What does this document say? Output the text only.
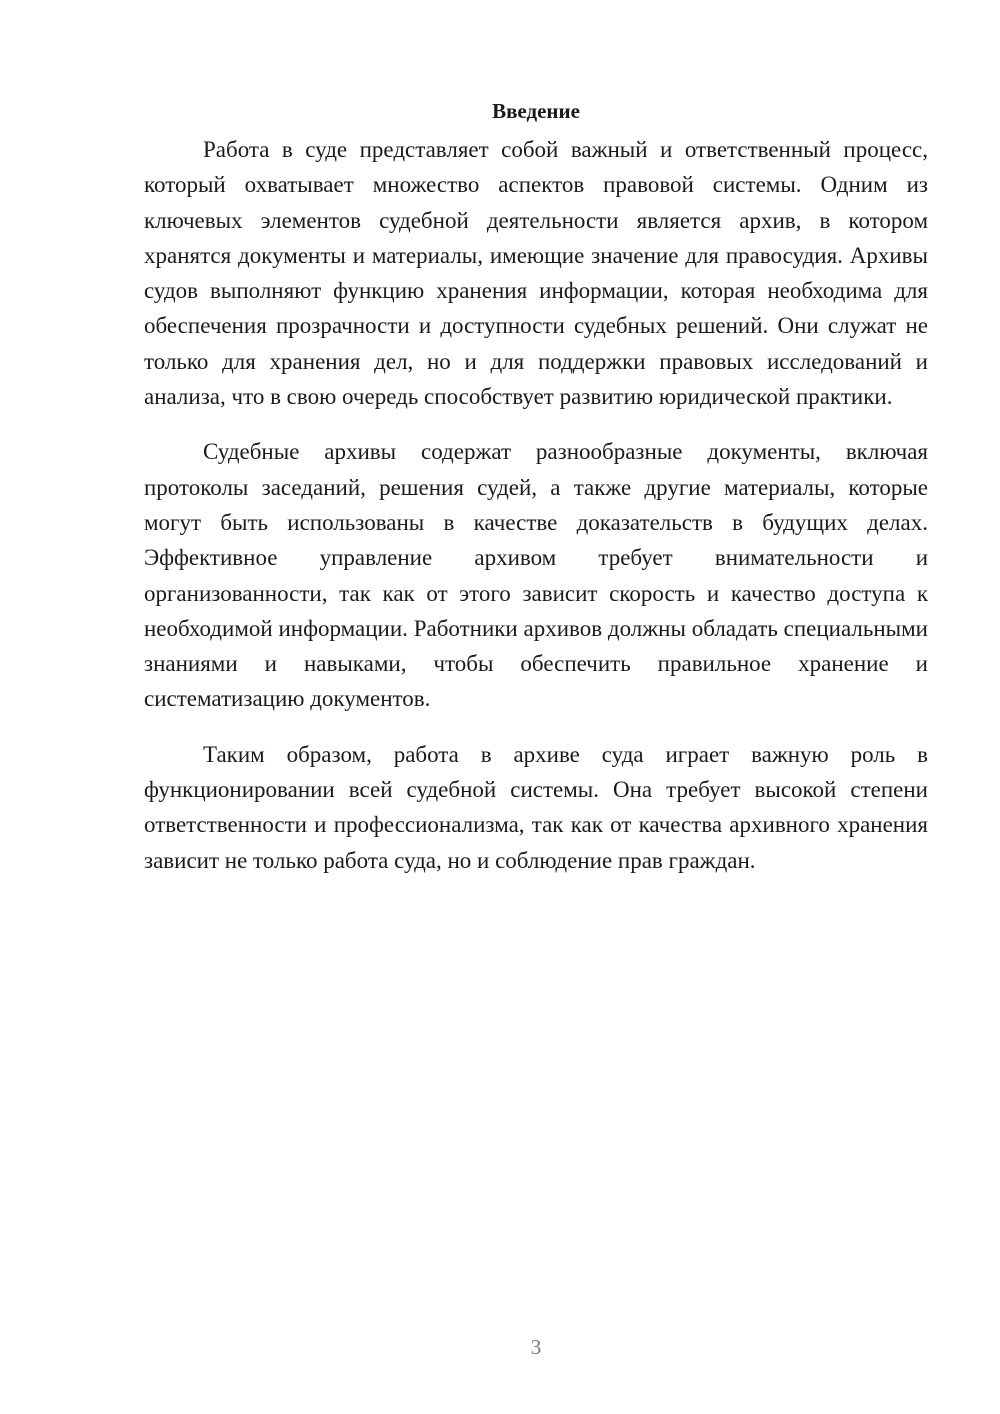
Введение

Работа в суде представляет собой важный и ответственный процесс, который охватывает множество аспектов правовой системы. Одним из ключевых элементов судебной деятельности является архив, в котором хранятся документы и материалы, имеющие значение для правосудия. Архивы судов выполняют функцию хранения информации, которая необходима для обеспечения прозрачности и доступности судебных решений. Они служат не только для хранения дел, но и для поддержки правовых исследований и анализа, что в свою очередь способствует развитию юридической практики.

Судебные архивы содержат разнообразные документы, включая протоколы заседаний, решения судей, а также другие материалы, которые могут быть использованы в качестве доказательств в будущих делах. Эффективное управление архивом требует внимательности и организованности, так как от этого зависит скорость и качество доступа к необходимой информации. Работники архивов должны обладать специальными знаниями и навыками, чтобы обеспечить правильное хранение и систематизацию документов.

Таким образом, работа в архиве суда играет важную роль в функционировании всей судебной системы. Она требует высокой степени ответственности и профессионализма, так как от качества архивного хранения зависит не только работа суда, но и соблюдение прав граждан.

3
